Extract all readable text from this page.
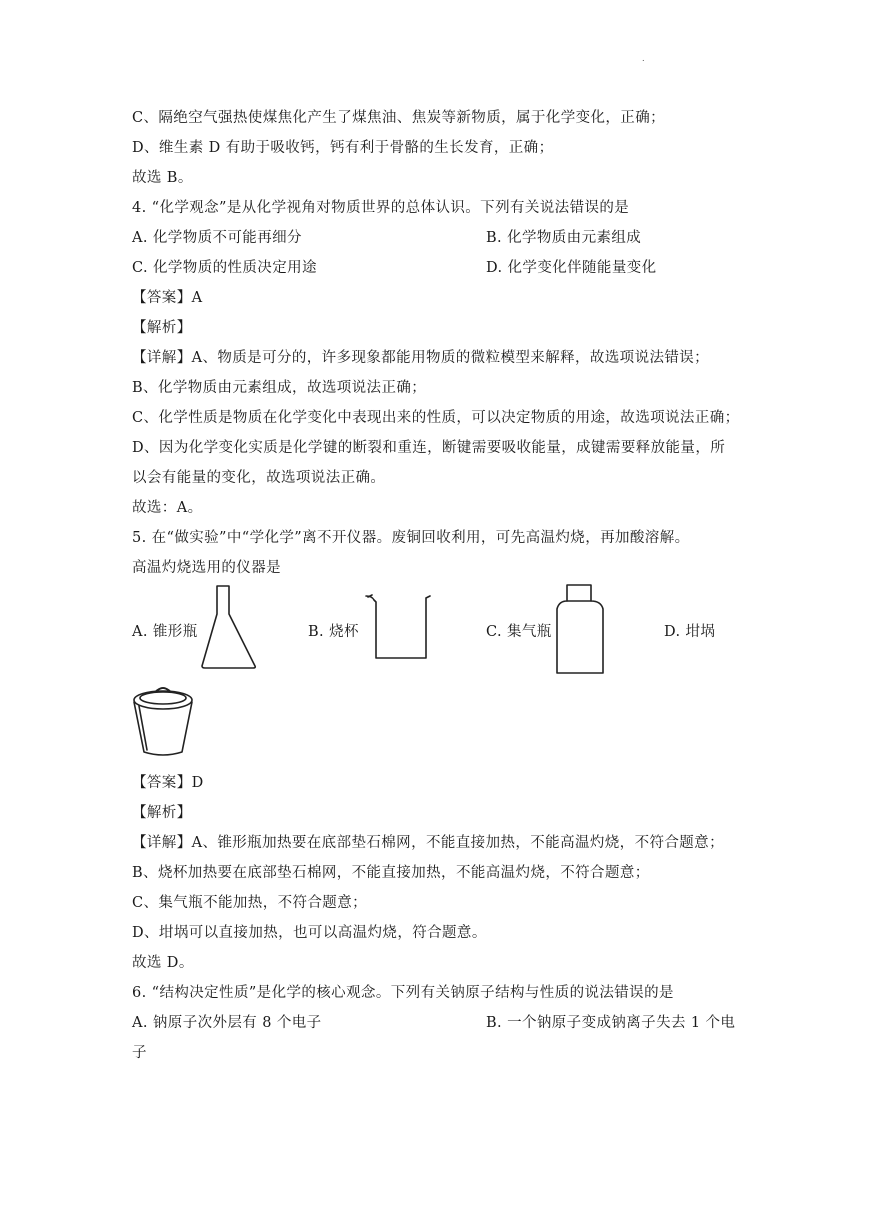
.
C、隔绝空气强热使煤焦化产生了煤焦油、焦炭等新物质，属于化学变化，正确；
D、维生素 D 有助于吸收钙，钙有利于骨骼的生长发育，正确；
故选 B。
4. “化学观念”是从化学视角对物质世界的总体认识。下列有关说法错误的是
A. 化学物质不可能再细分	B. 化学物质由元素组成
C. 化学物质的性质决定用途	D. 化学变化伴随能量变化
【答案】A
【解析】
【详解】A、物质是可分的，许多现象都能用物质的微粒模型来解释，故选项说法错误；
B、化学物质由元素组成，故选项说法正确；
C、化学性质是物质在化学变化中表现出来的性质，可以决定物质的用途，故选项说法正确；
D、因为化学变化实质是化学键的断裂和重连，断键需要吸收能量，成键需要释放能量，所
以会有能量的变化，故选项说法正确。
故选：A。
5. 在“做实验”中“学化学”离不开仪器。废铜回收利用，可先高温灼烧，再加酸溶解。
高温灼烧选用的仪器是
A. 锥形瓶	B. 烧杯	C. 集气瓶	D. 坩埚
【答案】D
【解析】
【详解】A、锥形瓶加热要在底部垫石棉网，不能直接加热，不能高温灼烧，不符合题意；
B、烧杯加热要在底部垫石棉网，不能直接加热，不能高温灼烧，不符合题意；
C、集气瓶不能加热，不符合题意；
D、坩埚可以直接加热，也可以高温灼烧，符合题意。
故选 D。
6. “结构决定性质”是化学的核心观念。下列有关钠原子结构与性质的说法错误的是
A. 钠原子次外层有 8 个电子	B. 一个钠原子变成钠离子失去 1 个电
子
